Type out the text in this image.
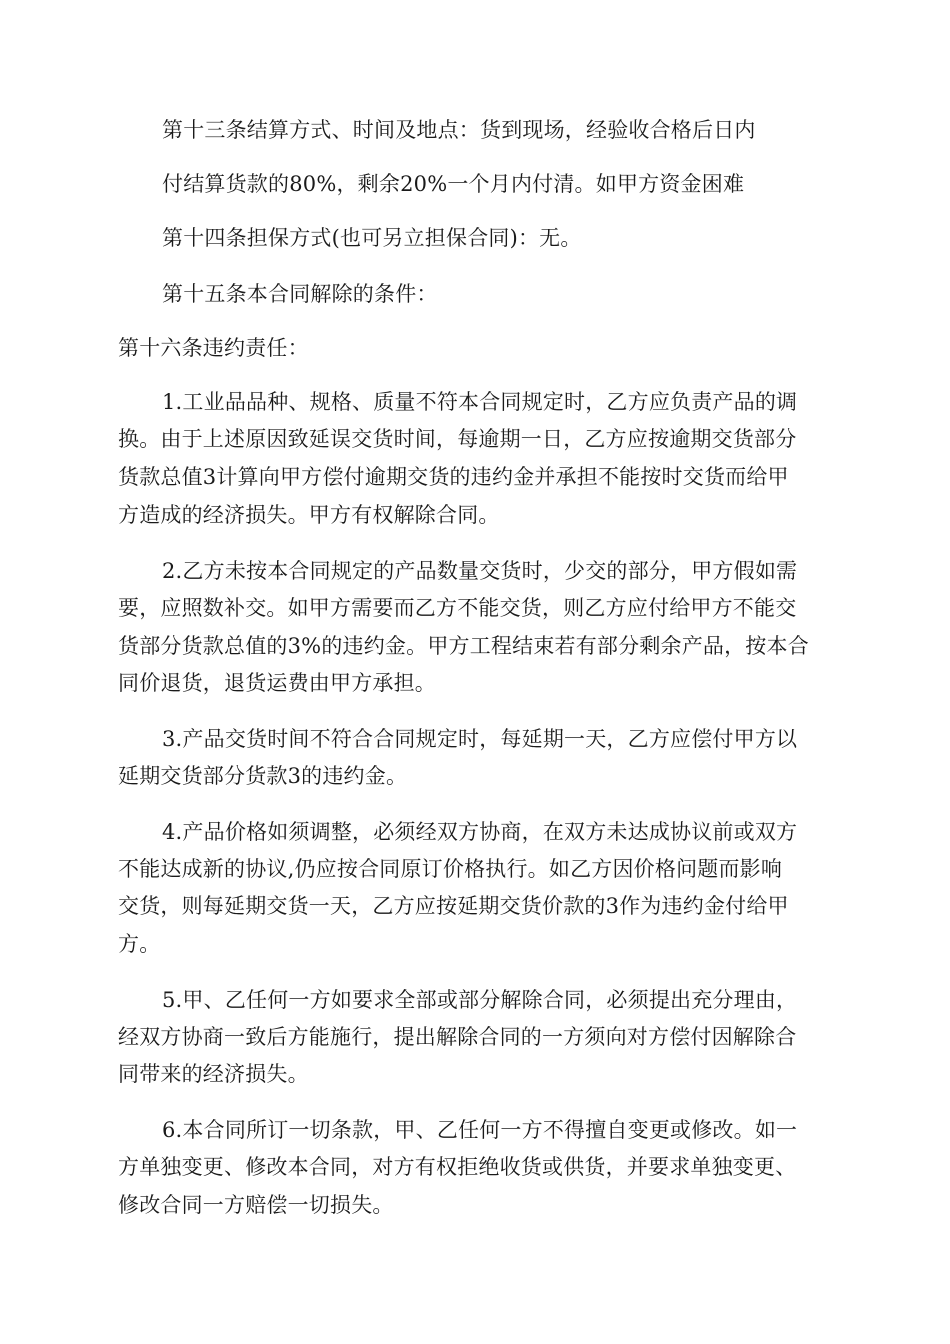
第十三条结算方式、时间及地点：货到现场，经验收合格后日内
付结算货款的80%，剩余20%一个月内付清。如甲方资金困难
第十四条担保方式(也可另立担保合同)：无。
第十五条本合同解除的条件：
第十六条违约责任：
1.工业品品种、规格、质量不符本合同规定时，乙方应负责产品的调
换。由于上述原因致延误交货时间，每逾期一日，乙方应按逾期交货部分
货款总值3计算向甲方偿付逾期交货的违约金并承担不能按时交货而给甲
方造成的经济损失。甲方有权解除合同。
2.乙方未按本合同规定的产品数量交货时，少交的部分，甲方假如需
要，应照数补交。如甲方需要而乙方不能交货，则乙方应付给甲方不能交
货部分货款总值的3%的违约金。甲方工程结束若有部分剩余产品，按本合
同价退货，退货运费由甲方承担。
3.产品交货时间不符合合同规定时，每延期一天，乙方应偿付甲方以
延期交货部分货款3的违约金。
4.产品价格如须调整，必须经双方协商，在双方未达成协议前或双方
不能达成新的协议,仍应按合同原订价格执行。如乙方因价格问题而影响
交货，则每延期交货一天，乙方应按延期交货价款的3作为违约金付给甲
方。
5.甲、乙任何一方如要求全部或部分解除合同，必须提出充分理由，
经双方协商一致后方能施行，提出解除合同的一方须向对方偿付因解除合
同带来的经济损失。
6.本合同所订一切条款，甲、乙任何一方不得擅自变更或修改。如一
方单独变更、修改本合同，对方有权拒绝收货或供货，并要求单独变更、
修改合同一方赔偿一切损失。
